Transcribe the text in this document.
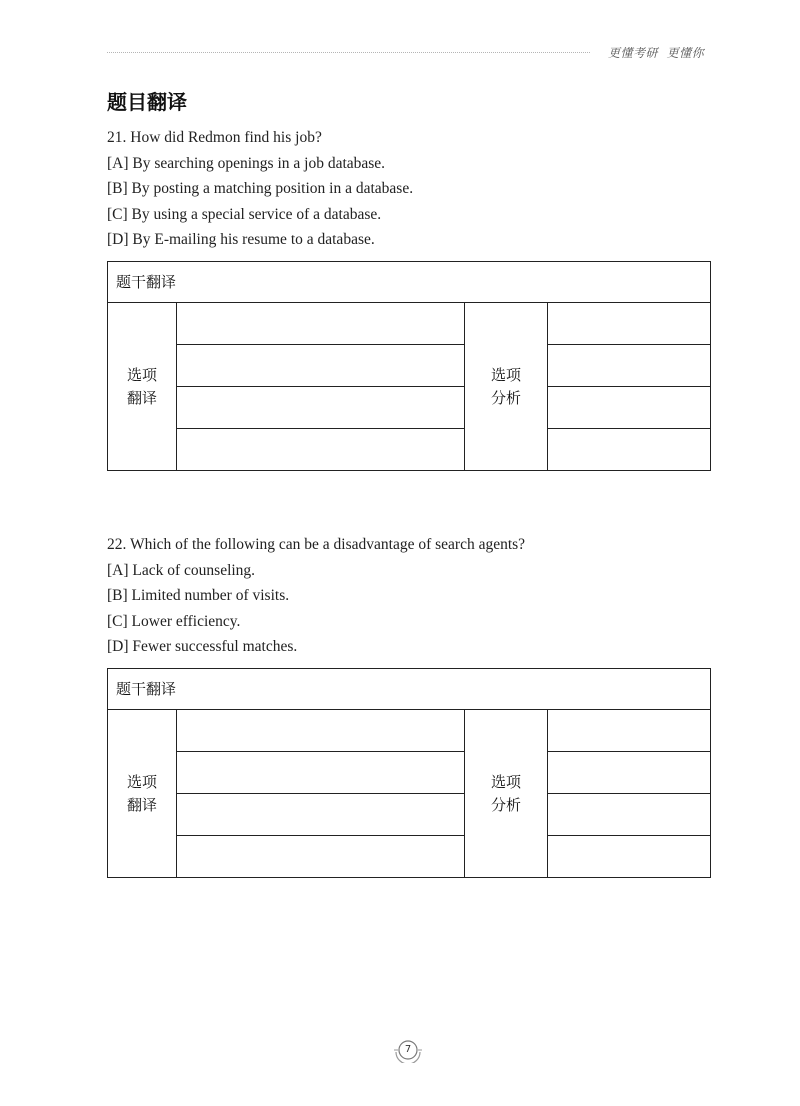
更懂考研  更懂你
题目翻译
21. How did Redmon find his job?
[A] By searching openings in a job database.
[B] By posting a matching position in a database.
[C] By using a special service of a database.
[D] By E-mailing his resume to a database.
题干翻译
选项
翻译
选项
分析
22. Which of the following can be a disadvantage of search agents?
[A] Lack of counseling.
[B] Limited number of visits.
[C] Lower efficiency.
[D] Fewer successful matches.
题干翻译
选项
翻译
选项
分析
7
